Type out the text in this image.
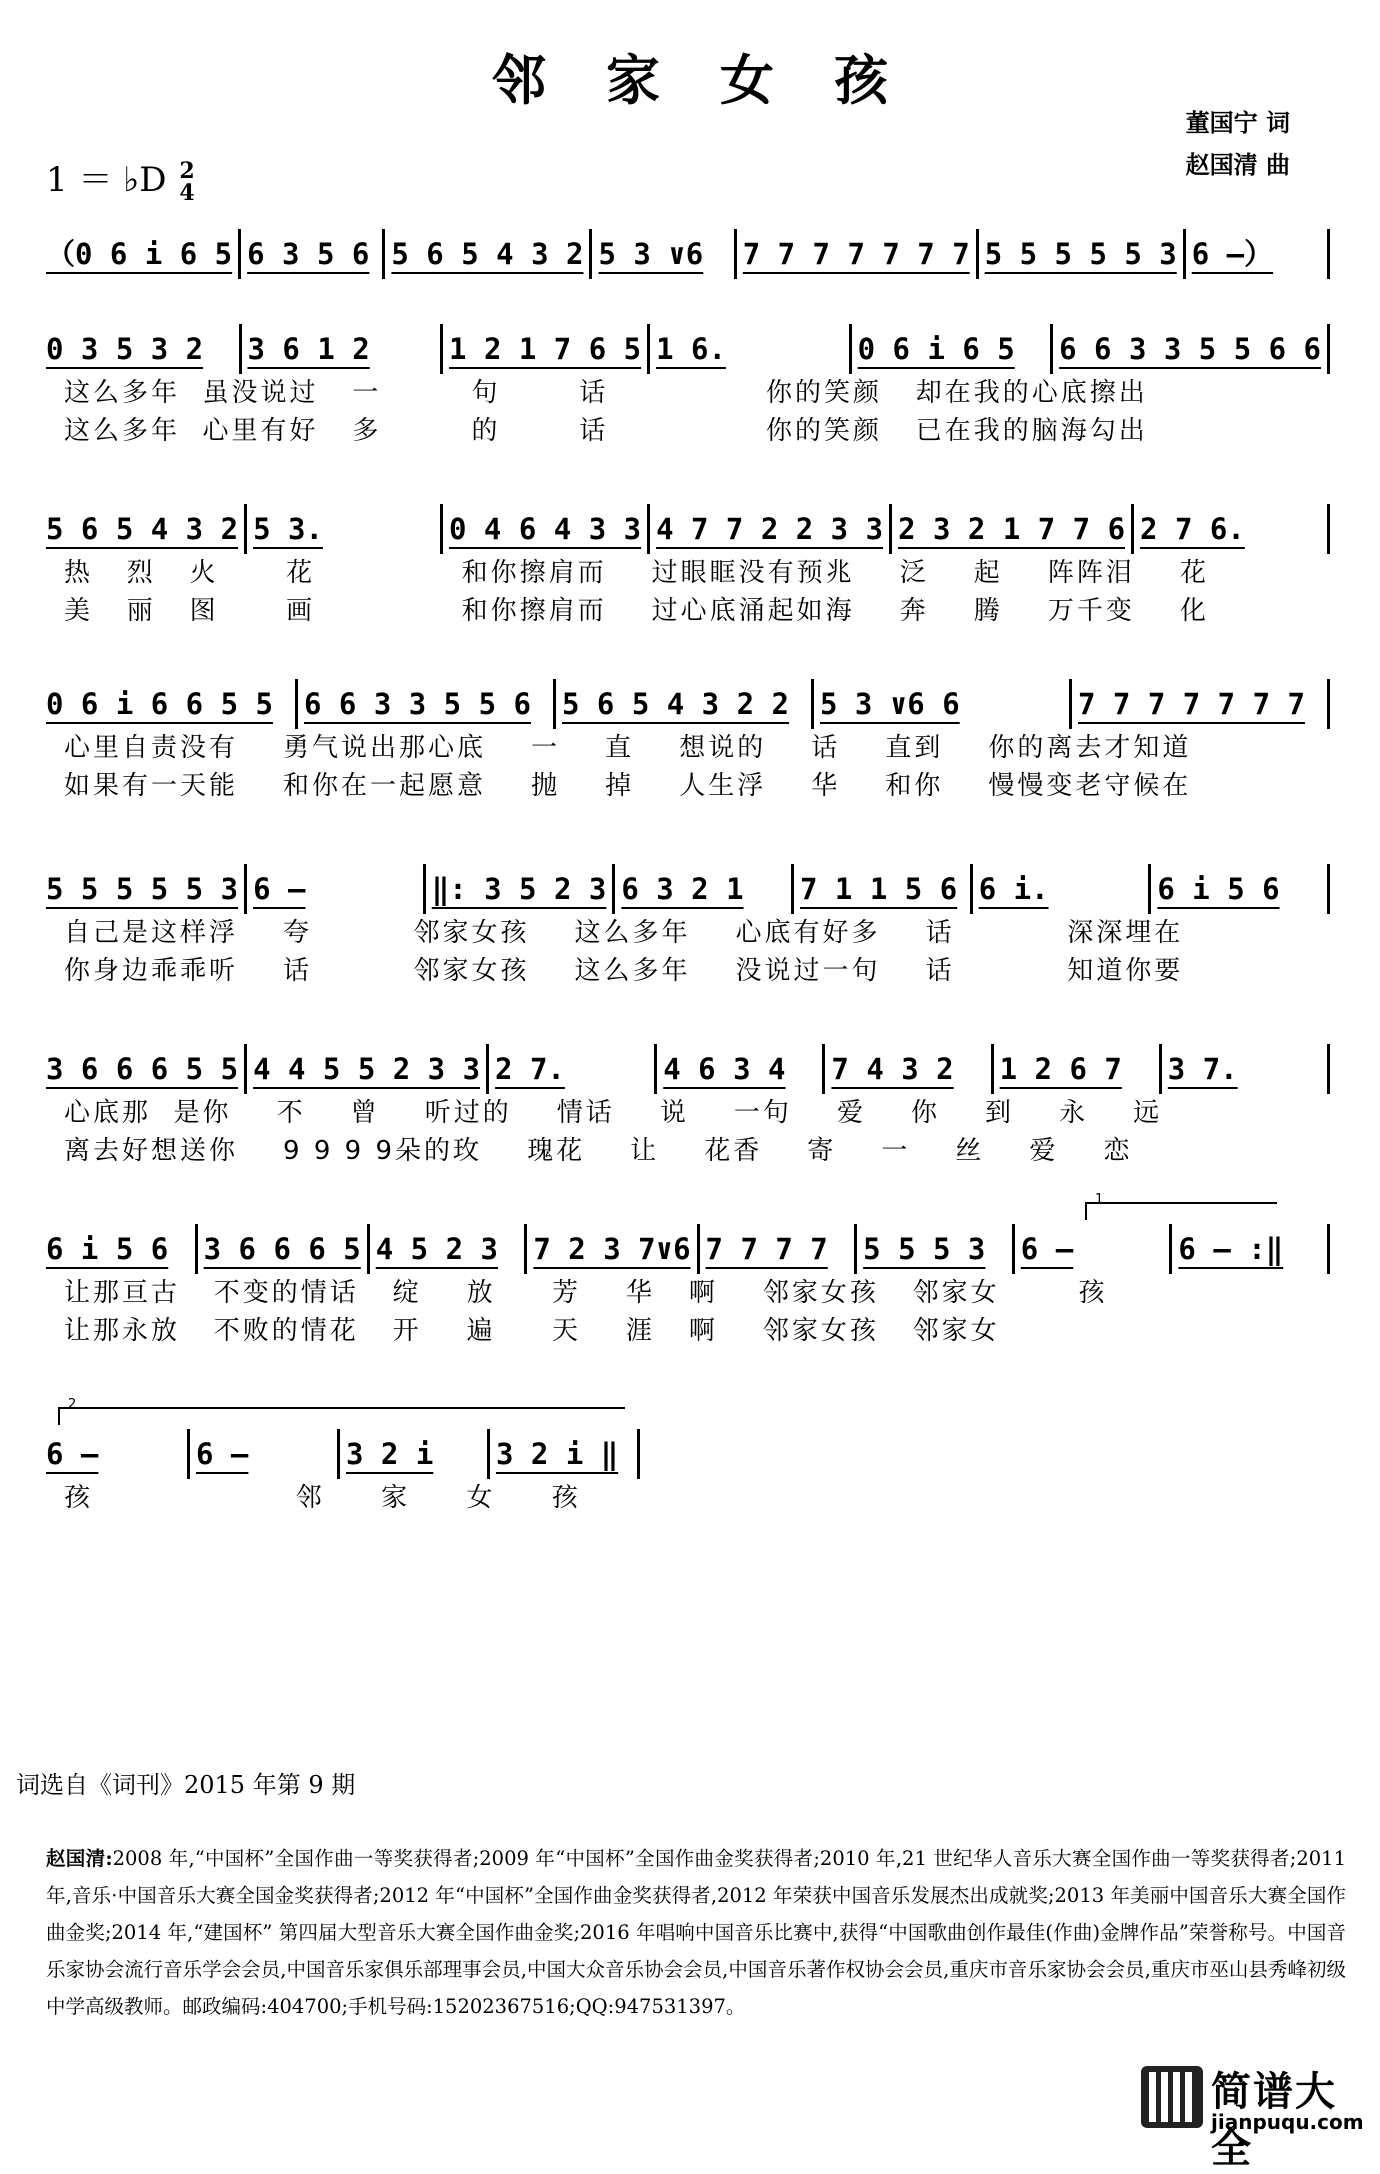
邻家女孩
董国宁 词
赵国清 曲
1 ＝ ♭D 2
4
（0 6 i 6 5 6 3 5 6 5 6 5 4 3 2 5 3 ∨6	7 7 7 7 7 7 7 5 5 5 5 5 3 6 –）
0 3 5 3 2	3 6 1 2	1 2 1 7 6 5 1 6.	0 6 i 6 5	6 6 3 3 5 5 6 6
这么多年  虽没说过   一        句       话              你的笑颜   却在我的心底擦出
这么多年  心里有好   多        的       话              你的笑颜   已在我的脑海勾出
5 6 5 4 3 2 5 3.	0 4 6 4 3 3 4 7 7 2 2 3 3 2 3 2 1 7 7 6 2 7 6.
热   烈   火      花             和你擦肩而    过眼眶没有预兆    泛    起    阵阵泪    花
美   丽   图      画             和你擦肩而    过心底涌起如海    奔    腾    万千变    化
0 6 i 6 6 5 5	6 6 3 3 5 5 6	5 6 5 4 3 2 2	5 3 ∨6 6	7 7 7 7 7 7 7
心里自责没有    勇气说出那心底    一    直    想说的    话    直到    你的离去才知道
如果有一天能    和你在一起愿意    抛    掉    人生浮    华    和你    慢慢变老守候在
5 5 5 5 5 3 6 –	‖: 3 5 2 3 6 3 2 1	7 1 1 5 6 6 i.	6 i 5 6
自己是这样浮    夸         邻家女孩    这么多年    心底有好多    话          深深埋在
你身边乖乖听    话         邻家女孩    这么多年    没说过一句    话          知道你要
3 6 6 6 5 5 4 4 5 5 2 3 3 2 7.	4 6 3 4	7 4 3 2	1 2 6 7	3 7.
心底那  是你    不    曾    听过的    情话    说    一句    爱    你    到    永    远
离去好想送你    9 9 9 9朵的玫    瑰花    让    花香    寄    一    丝    爱    恋
1
6 i 5 6	3 6 6 6 5 4 5 2 3	7 2 3 7∨6 7 7 7 7	5 5 5 3	6 –	6 – :‖
让那亘古   不变的情话   绽    放     芳    华   啊    邻家女孩   邻家女       孩
让那永放   不败的情花   开    遍     天    涯   啊    邻家女孩   邻家女
2
6 –	6 –	3 2 i	3 2 i ‖
孩                  邻     家     女     孩
词选自《词刊》2015 年第 9 期
赵国清:2008 年,“中国杯”全国作曲一等奖获得者;2009 年“中国杯”全国作曲金奖获得者;2010 年,21 世纪华人音乐大赛全国作曲一等奖获得者;2011 年,音乐·中国音乐大赛全国金奖获得者;2012 年“中国杯”全国作曲金奖获得者,2012 年荣获中国音乐发展杰出成就奖;2013 年美丽中国音乐大赛全国作曲金奖;2014 年,“建国杯” 第四届大型音乐大赛全国作曲金奖;2016 年唱响中国音乐比赛中,获得“中国歌曲创作最佳(作曲)金牌作品”荣誉称号。中国音乐家协会流行音乐学会会员,中国音乐家俱乐部理事会员,中国大众音乐协会会员,中国音乐著作权协会会员,重庆市音乐家协会会员,重庆市巫山县秀峰初级中学高级教师。邮政编码:404700;手机号码:15202367516;QQ:947531397。
简谱大全
jianpuqu.com
